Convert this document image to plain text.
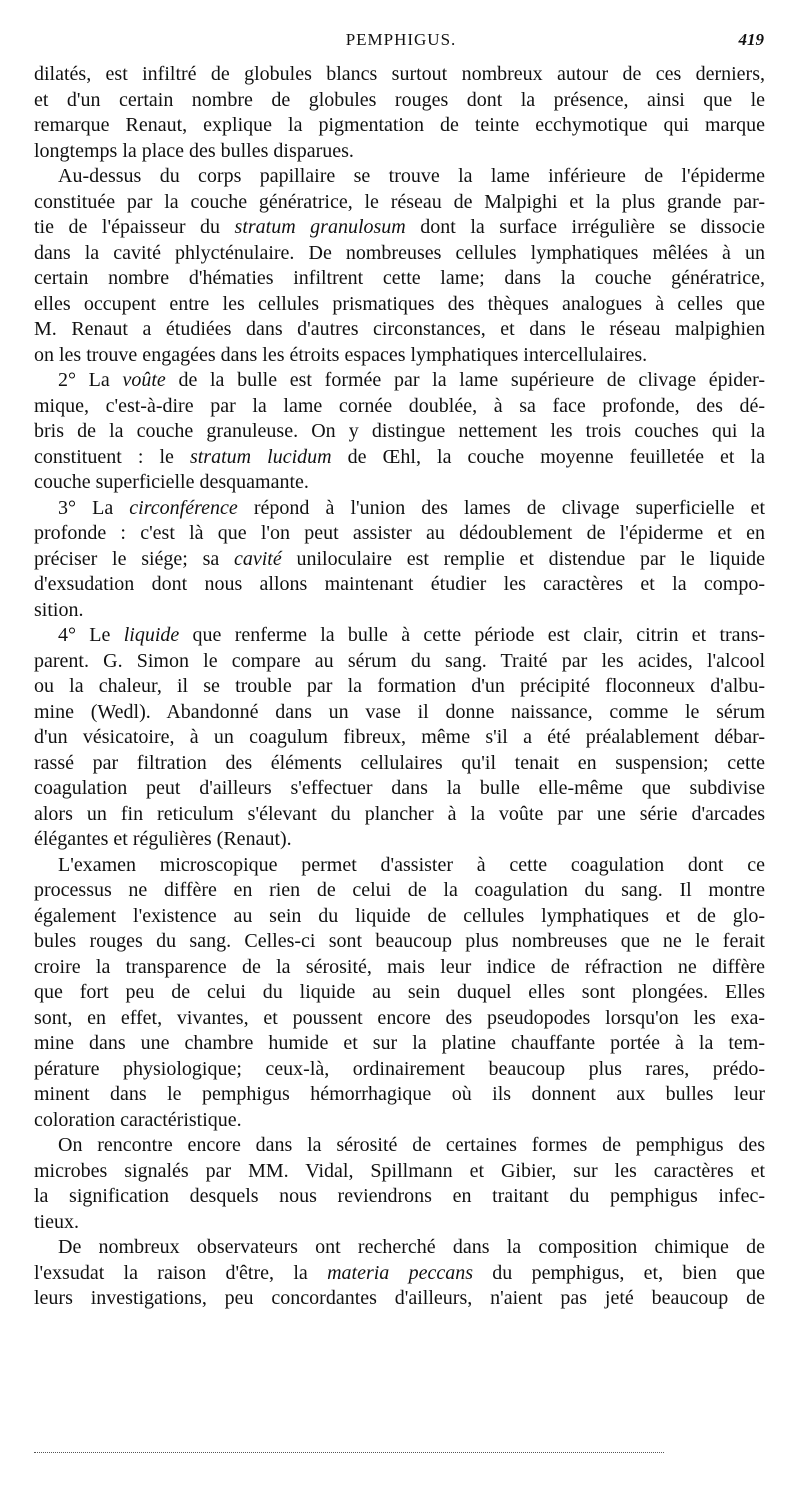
PEMPHIGUS.	419
dilatés, est infiltré de globules blancs surtout nombreux autour de ces derniers,
et d'un certain nombre de globules rouges dont la présence, ainsi que le
remarque Renaut, explique la pigmentation de teinte ecchymotique qui marque
longtemps la place des bulles disparues.
Au-dessus du corps papillaire se trouve la lame inférieure de l'épiderme
constituée par la couche génératrice, le réseau de Malpighi et la plus grande par-
tie de l'épaisseur du stratum granulosum dont la surface irrégulière se dissocie
dans la cavité phlycténulaire. De nombreuses cellules lymphatiques mêlées à un
certain nombre d'hématies infiltrent cette lame; dans la couche génératrice,
elles occupent entre les cellules prismatiques des thèques analogues à celles que
M. Renaut a étudiées dans d'autres circonstances, et dans le réseau malpighien
on les trouve engagées dans les étroits espaces lymphatiques intercellulaires.
2° La voûte de la bulle est formée par la lame supérieure de clivage épider-
mique, c'est-à-dire par la lame cornée doublée, à sa face profonde, des dé-
bris de la couche granuleuse. On y distingue nettement les trois couches qui la
constituent : le stratum lucidum de Œhl, la couche moyenne feuilletée et la
couche superficielle desquamante.
3° La circonférence répond à l'union des lames de clivage superficielle et
profonde : c'est là que l'on peut assister au dédoublement de l'épiderme et en
préciser le siége; sa cavité uniloculaire est remplie et distendue par le liquide
d'exsudation dont nous allons maintenant étudier les caractères et la compo-
sition.
4° Le liquide que renferme la bulle à cette période est clair, citrin et trans-
parent. G. Simon le compare au sérum du sang. Traité par les acides, l'alcool
ou la chaleur, il se trouble par la formation d'un précipité floconneux d'albu-
mine (Wedl). Abandonné dans un vase il donne naissance, comme le sérum
d'un vésicatoire, à un coagulum fibreux, même s'il a été préalablement débar-
rassé par filtration des éléments cellulaires qu'il tenait en suspension; cette
coagulation peut d'ailleurs s'effectuer dans la bulle elle-même que subdivise
alors un fin reticulum s'élevant du plancher à la voûte par une série d'arcades
élégantes et régulières (Renaut).
L'examen microscopique permet d'assister à cette coagulation dont ce
processus ne diffère en rien de celui de la coagulation du sang. Il montre
également l'existence au sein du liquide de cellules lymphatiques et de glo-
bules rouges du sang. Celles-ci sont beaucoup plus nombreuses que ne le ferait
croire la transparence de la sérosité, mais leur indice de réfraction ne diffère
que fort peu de celui du liquide au sein duquel elles sont plongées. Elles
sont, en effet, vivantes, et poussent encore des pseudopodes lorsqu'on les exa-
mine dans une chambre humide et sur la platine chauffante portée à la tem-
pérature physiologique; ceux-là, ordinairement beaucoup plus rares, prédo-
minent dans le pemphigus hémorrhagique où ils donnent aux bulles leur
coloration caractéristique.
On rencontre encore dans la sérosité de certaines formes de pemphigus des
microbes signalés par MM. Vidal, Spillmann et Gibier, sur les caractères et
la signification desquels nous reviendrons en traitant du pemphigus infec-
tieux.
De nombreux observateurs ont recherché dans la composition chimique de
l'exsudat la raison d'être, la materia peccans du pemphigus, et, bien que
leurs investigations, peu concordantes d'ailleurs, n'aient pas jeté beaucoup de
